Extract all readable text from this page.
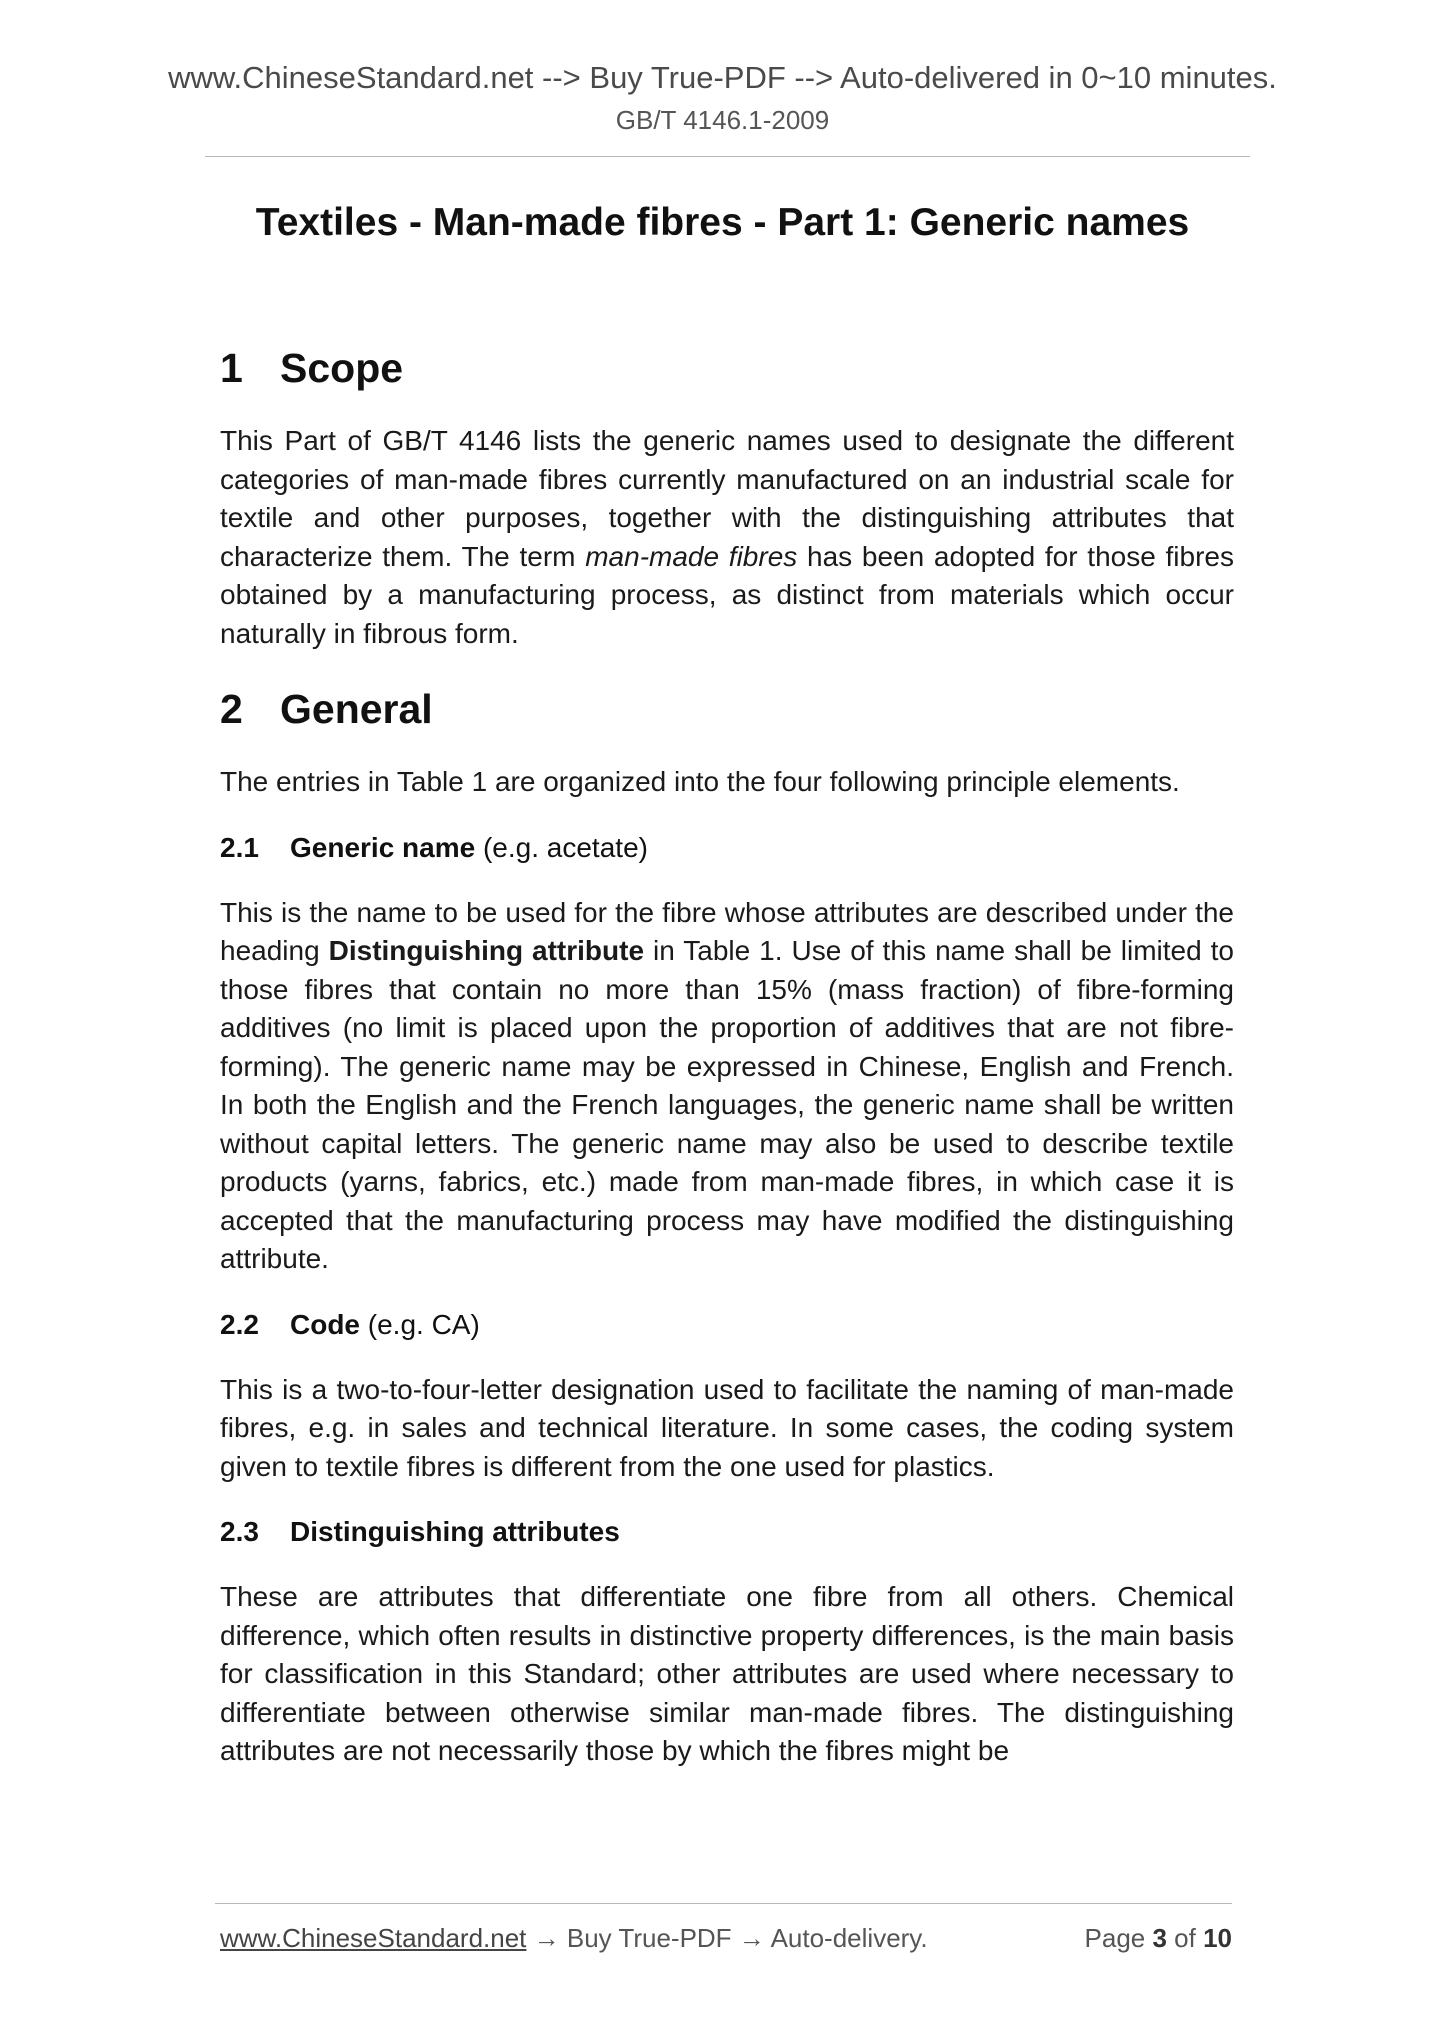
www.ChineseStandard.net --> Buy True-PDF --> Auto-delivered in 0~10 minutes.
GB/T 4146.1-2009
Textiles - Man-made fibres - Part 1: Generic names
1 Scope

This Part of GB/T 4146 lists the generic names used to designate the different categories of man-made fibres currently manufactured on an industrial scale for textile and other purposes, together with the distinguishing attributes that characterize them. The term man-made fibres has been adopted for those fibres obtained by a manufacturing process, as distinct from materials which occur naturally in fibrous form.

2 General

The entries in Table 1 are organized into the four following principle elements.

2.1	Generic name (e.g. acetate)

This is the name to be used for the fibre whose attributes are described under the heading Distinguishing attribute in Table 1. Use of this name shall be limited to those fibres that contain no more than 15% (mass fraction) of fibre-forming additives (no limit is placed upon the proportion of additives that are not fibre-forming). The generic name may be expressed in Chinese, English and French. In both the English and the French languages, the generic name shall be written without capital letters. The generic name may also be used to describe textile products (yarns, fabrics, etc.) made from man-made fibres, in which case it is accepted that the manufacturing process may have modified the distinguishing attribute.

2.2	Code (e.g. CA)

This is a two-to-four-letter designation used to facilitate the naming of man-made fibres, e.g. in sales and technical literature. In some cases, the coding system given to textile fibres is different from the one used for plastics.

2.3	Distinguishing attributes

These are attributes that differentiate one fibre from all others. Chemical difference, which often results in distinctive property differences, is the main basis for classification in this Standard; other attributes are used where necessary to differentiate between otherwise similar man-made fibres. The distinguishing attributes are not necessarily those by which the fibres might be

www.ChineseStandard.net → Buy True-PDF → Auto-delivery.	Page 3 of 10
